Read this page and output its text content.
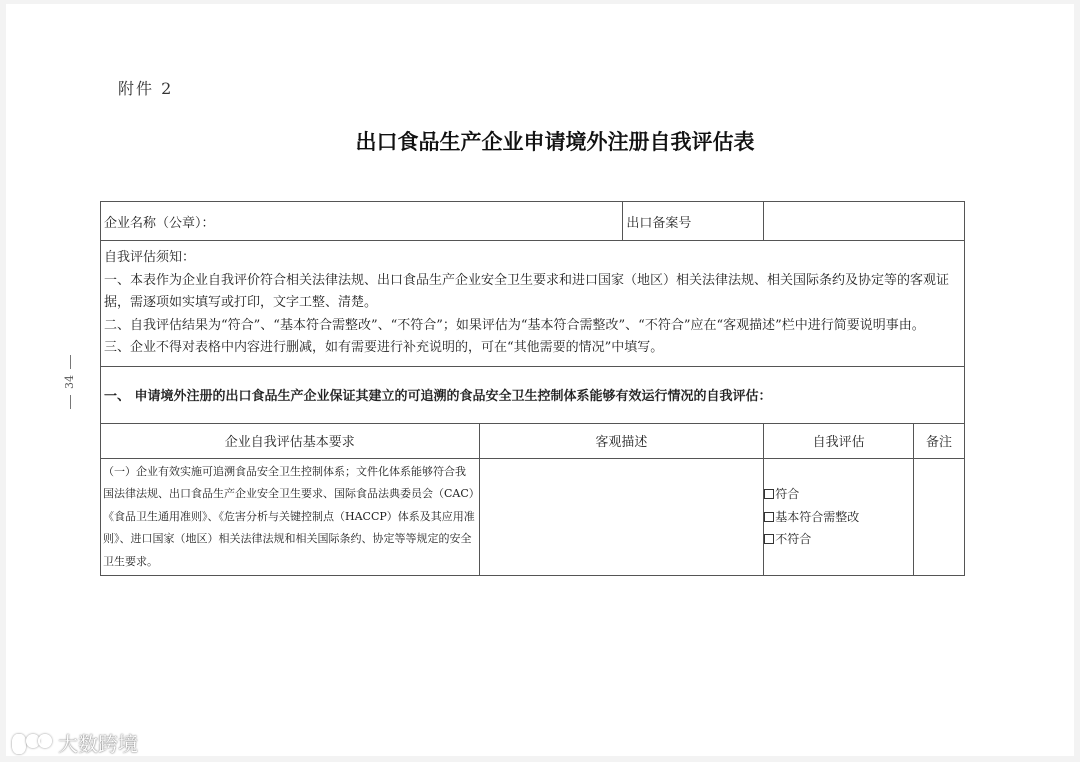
附件 2
出口食品生产企业申请境外注册自我评估表
34
企业名称（公章）：		出口备案号		

自我评估须知：
一、本表作为企业自我评价符合相关法律法规、出口食品生产企业安全卫生要求和进口国家（地区）相关法律法规、相关国际条约及协定等的客观证据，需逐项如实填写或打印，文字工整、清楚。
二、自我评估结果为“符合”、“基本符合需整改”、“不符合”；如果评估为“基本符合需整改”、“不符合”应在“客观描述”栏中进行简要说明事由。
三、企业不得对表格中内容进行删减，如有需要进行补充说明的，可在“其他需要的情况”中填写。				

一、 申请境外注册的出口食品生产企业保证其建立的可追溯的食品安全卫生控制体系能够有效运行情况的自我评估：				
企业自我评估基本要求	客观描述		自我评估	备注
（一）企业有效实施可追溯食品安全卫生控制体系；文件化体系能够符合我国法律法规、出口食品生产企业安全卫生要求、国际食品法典委员会（CAC）《食品卫生通用准则》、《危害分析与关键控制点（HACCP）体系及其应用准则》、进口国家（地区）相关法律法规和相关国际条约、协定等等规定的安全卫生要求。			符合
基本符合需整改
不符合	

大数跨境
